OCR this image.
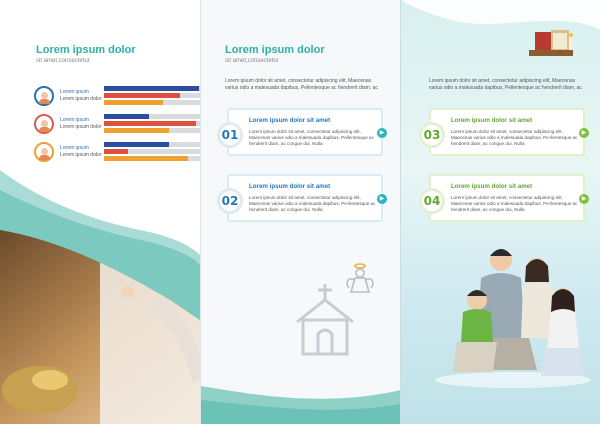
Lorem ipsum dolor
sit amet,consectetur
Lorem ipsum
Lorem ipsum dolor
Lorem ipsum
Lorem ipsum dolor
Lorem ipsum
Lorem ipsum dolor
Lorem ipsum dolor
sit amet,consectetur
Lorem ipsum dolor sit amet, consectetur adipiscing elit, Maecenas varius odio a malesuada dapibus, Pellentesque ac hendrerit diam, ac
01
Lorem ipsum dolor sit amet
Lorem ipsum dolor sit amet, consectetur adipiscing elit, Maecenas varius odio a malesuada dapibus, Pellentesque ac hendrerit diam, ac congue dui, Nulla
▶
02
Lorem ipsum dolor sit amet
Lorem ipsum dolor sit amet, consectetur adipiscing elit, Maecenas varius odio a malesuada dapibus, Pe-llentesque ac hendrerit diam, ac congue dui, Nulla
▶
Lorem ipsum dolor sit amet, consectetur adipiscing elit, Maecenas varius odio a malesuada dapibus, Pellentesque ac hendrerit diam, ac
03
Lorem ipsum dolor sit amet
Lorem ipsum dolor sit amet, consectetur adipiscing elit, Maecenas varius odio a malesuada dapibus, Pe-llentesque ac hendrerit diam, ac congue dui, Nulla
▶
04
Lorem ipsum dolor sit amet
Lorem ipsum dolor sit amet, consectetur adipiscing elit, Maecenas varius odio a malesuada dapibus, Pe-llentesque ac hendrerit diam, ac congue dui, Nulla
▶
